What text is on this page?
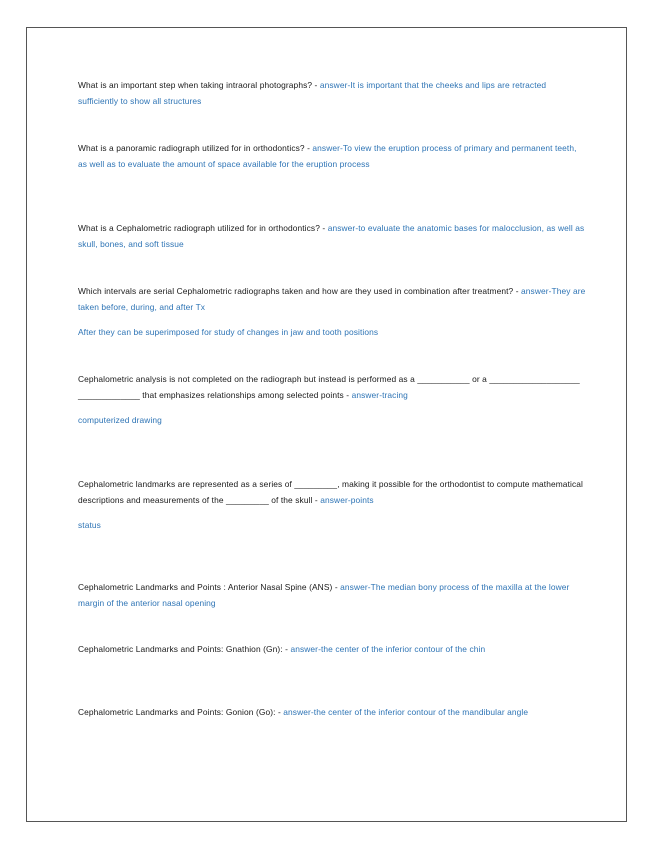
What is an important step when taking intraoral photographs? - answer-It is important that the cheeks and lips are retracted sufficiently to show all structures
What is a panoramic radiograph utilized for in orthodontics? - answer-To view the eruption process of primary and permanent teeth, as well as to evaluate the amount of space available for the eruption process
What is a Cephalometric radiograph utilized for in orthodontics? - answer-to evaluate the anatomic bases for malocclusion, as well as skull, bones, and soft tissue
Which intervals are serial Cephalometric radiographs taken and how are they used in combination after treatment? - answer-They are taken before, during, and after Tx
After they can be superimposed for study of changes in jaw and tooth positions
Cephalometric analysis is not completed on the radiograph but instead is performed as a ___________ or a ___________________ _____________ that emphasizes relationships among selected points - answer-tracing
computerized drawing
Cephalometric landmarks are represented as a series of _________, making it possible for the orthodontist to compute mathematical descriptions and measurements of the _________ of the skull - answer-points
status
Cephalometric Landmarks and Points : Anterior Nasal Spine (ANS) - answer-The median bony process of the maxilla at the lower margin of the anterior nasal opening
Cephalometric Landmarks and Points: Gnathion (Gn): - answer-the center of the inferior contour of the chin
Cephalometric Landmarks and Points: Gonion (Go): - answer-the center of the inferior contour of the mandibular angle
